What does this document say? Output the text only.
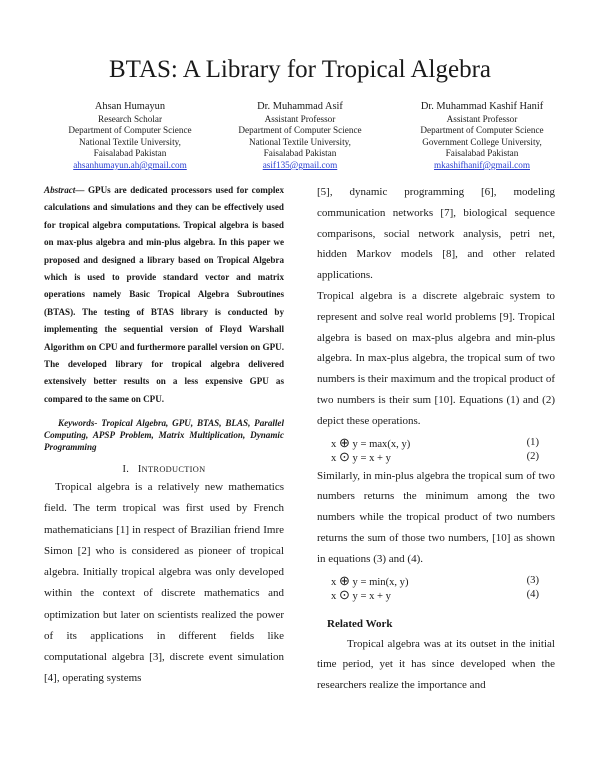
BTAS: A Library for Tropical Algebra
Ahsan Humayun
Research Scholar
Department of Computer Science
National Textile University,
Faisalabad Pakistan
ahsanhumayun.ah@gmail.com
Dr. Muhammad Asif
Assistant Professor
Department of Computer Science
National Textile University,
Faisalabad Pakistan
asif135@gmail.com
Dr. Muhammad Kashif Hanif
Assistant Professor
Department of Computer Science
Government College University,
Faisalabad Pakistan
mkashifhanif@gmail.com
Abstract— GPUs are dedicated processors used for complex calculations and simulations and they can be effectively used for tropical algebra computations. Tropical algebra is based on max-plus algebra and min-plus algebra. In this paper we proposed and designed a library based on Tropical Algebra which is used to provide standard vector and matrix operations namely Basic Tropical Algebra Subroutines (BTAS). The testing of BTAS library is conducted by implementing the sequential version of Floyd Warshall Algorithm on CPU and furthermore parallel version on GPU. The developed library for tropical algebra delivered extensively better results on a less expensive GPU as compared to the same on CPU.
Keywords- Tropical Algebra, GPU, BTAS, BLAS, Parallel Computing, APSP Problem, Matrix Multiplication, Dynamic Programming
I. INTRODUCTION
Tropical algebra is a relatively new mathematics field. The term tropical was first used by French mathematicians [1] in respect of Brazilian friend Imre Simon [2] who is considered as pioneer of tropical algebra. Initially tropical algebra was only developed within the context of discrete mathematics and optimization but later on scientists realized the power of its applications in different fields like computational algebra [3], discrete event simulation [4], operating systems
[5], dynamic programming [6], modeling communication networks [7], biological sequence comparisons, social network analysis, petri net, hidden Markov models [8], and other related applications.
Tropical algebra is a discrete algebraic system to represent and solve real world problems [9]. Tropical algebra is based on max-plus algebra and min-plus algebra. In max-plus algebra, the tropical sum of two numbers is their maximum and the tropical product of two numbers is their sum [10]. Equations (1) and (2) depict these operations.
x ⊕ y = max(x, y)	(1)
x ⊙ y = x + y	(2)
Similarly, in min-plus algebra the tropical sum of two numbers returns the minimum among the two numbers while the tropical product of two numbers returns the sum of those two numbers, [10] as shown in equations (3) and (4).
x ⊕ y = min(x, y)	(3)
x ⊙ y = x + y	(4)
Related Work
Tropical algebra was at its outset in the initial time period, yet it has since developed when the researchers realize the importance and
